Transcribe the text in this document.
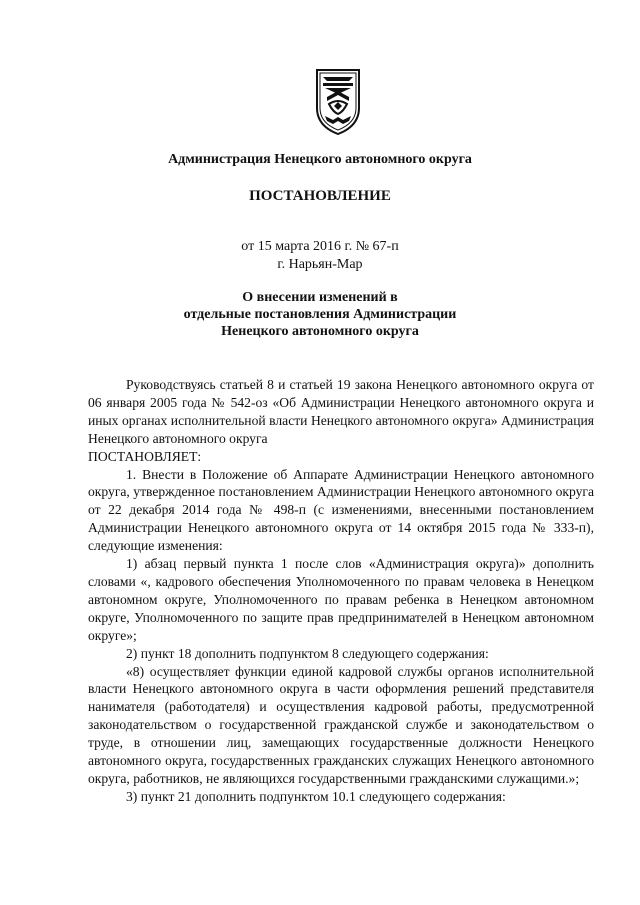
Администрация Ненецкого автономного округа
ПОСТАНОВЛЕНИЕ
от 15 марта 2016 г. № 67-п
г. Нарьян-Мар
О внесении изменений в
отдельные постановления Администрации
Ненецкого автономного округа

Руководствуясь статьей 8 и статьей 19 закона Ненецкого автономного округа от 06 января 2005 года № 542-оз «Об Администрации Ненецкого автономного округа и иных органах исполнительной власти Ненецкого автономного округа» Администрация Ненецкого автономного округа

ПОСТАНОВЛЯЕТ:

1. Внести в Положение об Аппарате Администрации Ненецкого автономного округа, утвержденное постановлением Администрации Ненецкого автономного округа от 22 декабря 2014 года № 498-п (с изменениями, внесенными постановлением Администрации Ненецкого автономного округа от 14 октября 2015 года № 333-п), следующие изменения:

1) абзац первый пункта 1 после слов «Администрация округа)» дополнить словами «, кадрового обеспечения Уполномоченного по правам человека в Ненецком автономном округе, Уполномоченного по правам ребенка в Ненецком автономном округе, Уполномоченного по защите прав предпринимателей в Ненецком автономном округе»;

2) пункт 18 дополнить подпунктом 8 следующего содержания:

«8) осуществляет функции единой кадровой службы органов исполнительной власти Ненецкого автономного округа в части оформления решений представителя нанимателя (работодателя) и осуществления кадровой работы, предусмотренной законодательством о государственной гражданской службе и законодательством о труде, в отношении лиц, замещающих государственные должности Ненецкого автономного округа, государственных гражданских служащих Ненецкого автономного округа, работников, не являющихся государственными гражданскими служащими.»;

3) пункт 21 дополнить подпунктом 10.1 следующего содержания:
